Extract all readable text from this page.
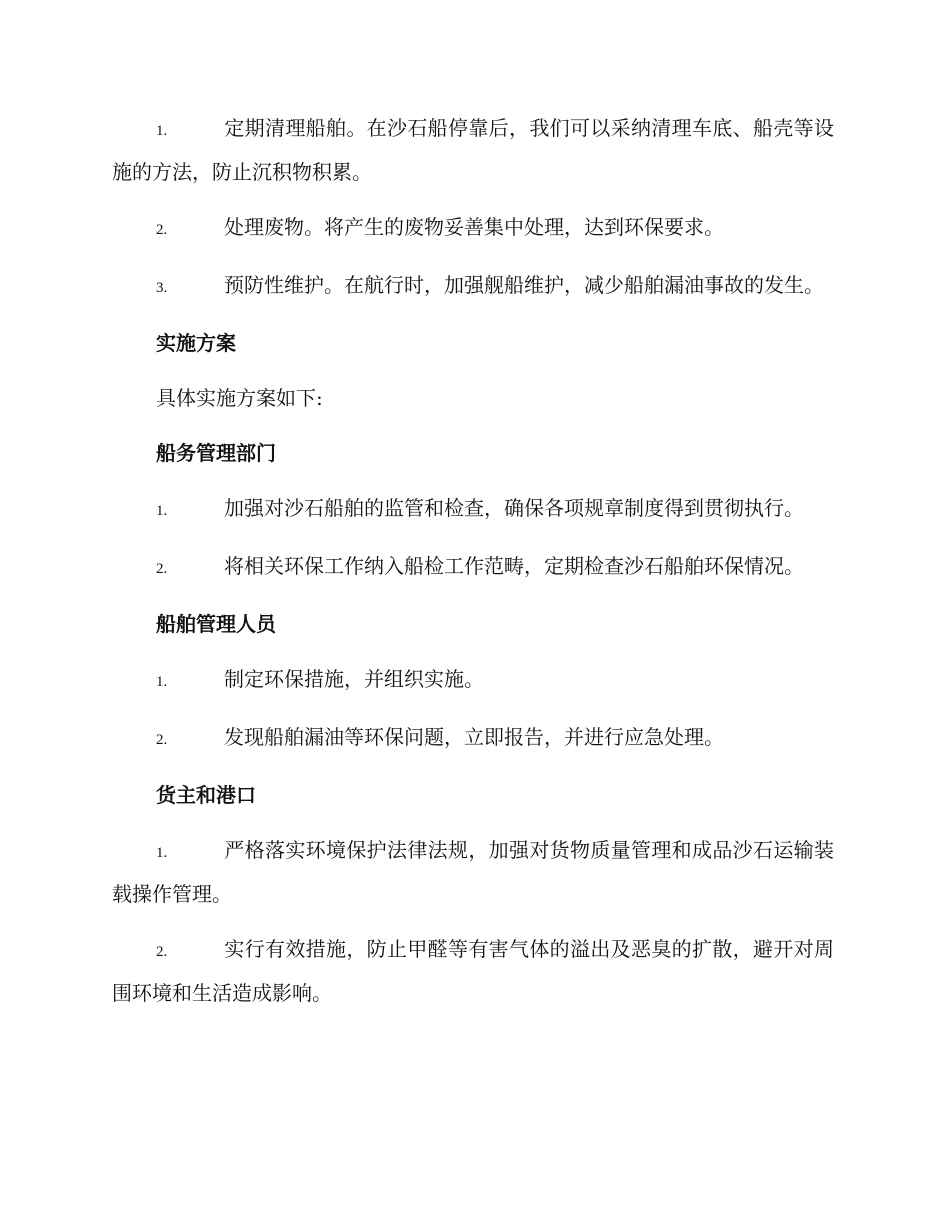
1.	定期清理船舶。在沙石船停靠后，我们可以采纳清理车底、船壳等设施的方法，防止沉积物积累。

2.	处理废物。将产生的废物妥善集中处理，达到环保要求。

3.	预防性维护。在航行时，加强舰船维护，减少船舶漏油事故的发生。

实施方案

具体实施方案如下:

船务管理部门

1.	加强对沙石船舶的监管和检查，确保各项规章制度得到贯彻执行。

2.	将相关环保工作纳入船检工作范畴，定期检查沙石船舶环保情况。

船舶管理人员

1.	制定环保措施，并组织实施。

2.	发现船舶漏油等环保问题，立即报告，并进行应急处理。

货主和港口

1.	严格落实环境保护法律法规，加强对货物质量管理和成品沙石运输装载操作管理。

2.	实行有效措施，防止甲醛等有害气体的溢出及恶臭的扩散，避开对周围环境和生活造成影响。
